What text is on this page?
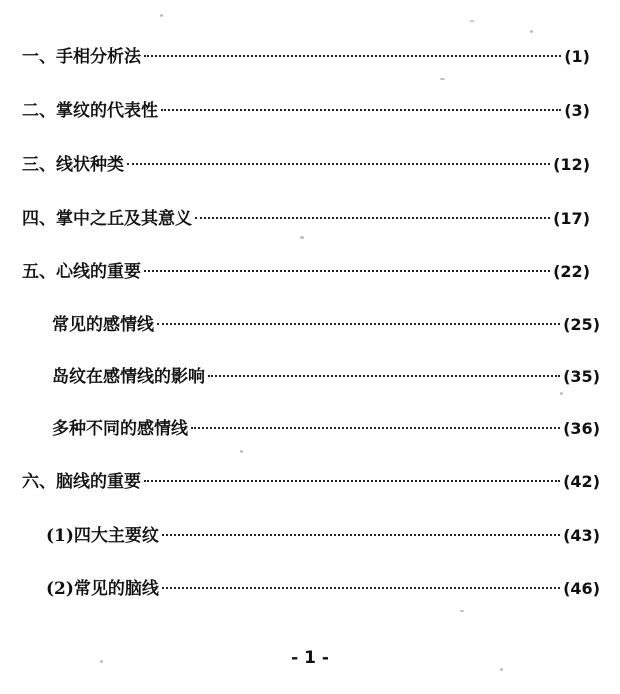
一、手相分析法	(1)
二、掌纹的代表性	(3)
三、线状种类	(12)
四、掌中之丘及其意义	(17)
五、心线的重要	(22)
常见的感情线	(25)
岛纹在感情线的影响	(35)
多种不同的感情线	(36)
六、脑线的重要	(42)
(1)四大主要纹	(43)
(2)常见的脑线	(46)
- 1 -
